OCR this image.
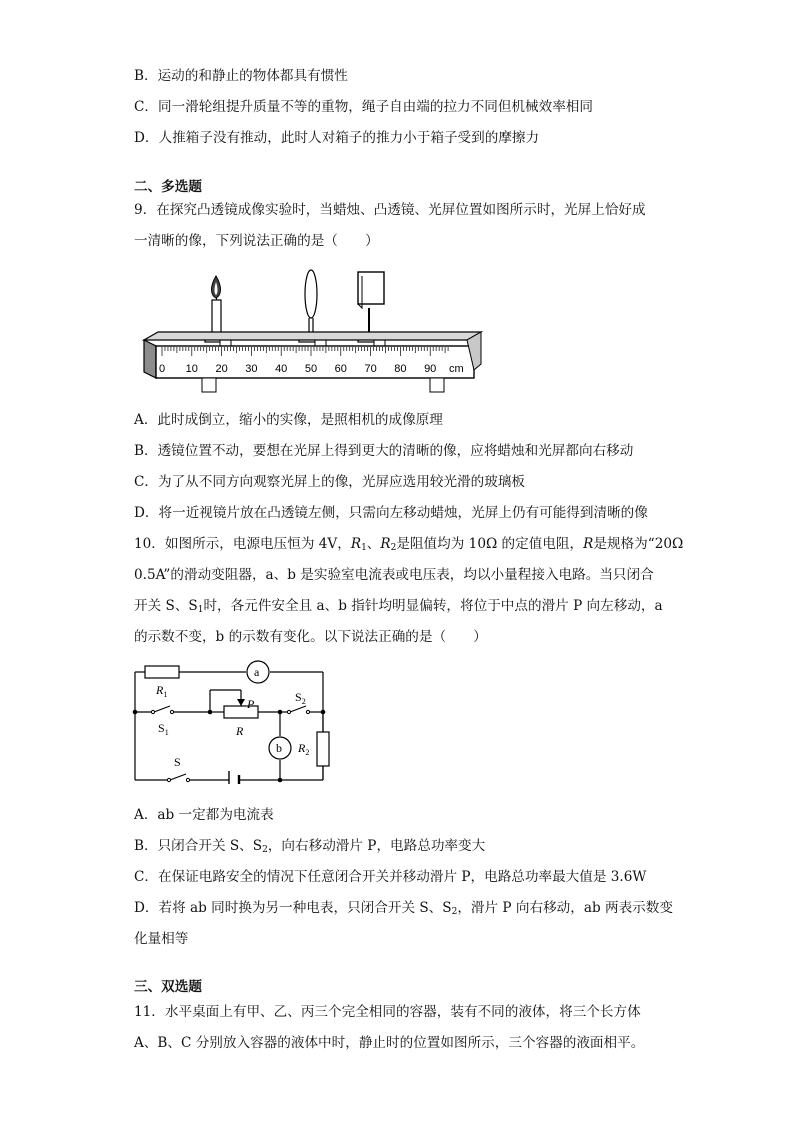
B．运动的和静止的物体都具有惯性
C．同一滑轮组提升质量不等的重物，绳子自由端的拉力不同但机械效率相同
D．人推箱子没有推动，此时人对箱子的推力小于箱子受到的摩擦力
二、多选题
9．在探究凸透镜成像实验时，当蜡烛、凸透镜、光屏位置如图所示时，光屏上恰好成
一清晰的像，下列说法正确的是（　　）
0 10 20 30 40 50 60 70 80 90 cm
A．此时成倒立，缩小的实像，是照相机的成像原理
B．透镜位置不动，要想在光屏上得到更大的清晰的像，应将蜡烛和光屏都向右移动
C．为了从不同方向观察光屏上的像，光屏应选用较光滑的玻璃板
D．将一近视镜片放在凸透镜左侧，只需向左移动蜡烛，光屏上仍有可能得到清晰的像
10．如图所示，电源电压恒为 4V，$R_1$、$R_2$是阻值均为 10Ω 的定值电阻，R是规格为“20Ω
0.5A”的滑动变阻器，a、b 是实验室电流表或电压表，均以小量程接入电路。当只闭合
开关 S、$S_1$时，各元件安全且 a、b 指针均明显偏转，将位于中点的滑片 P 向左移动，a
的示数不变，b 的示数有变化。以下说法正确的是（　　）
a
b
$R_1$
P
R
$S_1$
$S_2$
S
$R_2$
A．ab 一定都为电流表
B．只闭合开关 S、$S_2$，向右移动滑片 P，电路总功率变大
C．在保证电路安全的情况下任意闭合开关并移动滑片 P，电路总功率最大值是 3.6W
D．若将 ab 同时换为另一种电表，只闭合开关 S、$S_2$，滑片 P 向右移动，ab 两表示数变
化量相等
三、双选题
11．水平桌面上有甲、乙、丙三个完全相同的容器，装有不同的液体，将三个长方体
A、B、C 分别放入容器的液体中时，静止时的位置如图所示，三个容器的液面相平。
